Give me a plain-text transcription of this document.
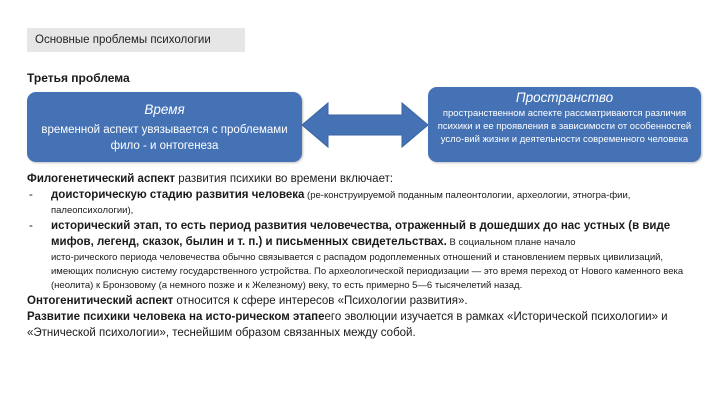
Основные проблемы психологии
Третья проблема
Время
временной аспект увязывается с проблемами фило - и онтогенеза
Пространство
пространственном аспекте рассматриваются различия психики и ее проявления в зависимости от особенностей усло-вий жизни и деятельности современного человека

Филогенетический аспект развития психики во времени включает:

- доисторическую стадию развития человека (ре-конструируемой поданным палеонтологии, археологии, этногра-фии,

палеопсихологии),

- исторический этап, то есть период развития человечества, отраженный в дошедших до нас устных (в виде мифов, легенд, сказок, былин и т. п.) и письменных свидетельствах. В социальном плане начало

исто-рического периода человечества обычно связывается с распадом родоплеменных отношений и становлением первых цивилизаций, имеющих полисную систему государственного устройства. По археологической периодизации — это время переход от Нового каменного века (неолита) к Бронзовому (а немного позже и к Железному) веку, то есть примерно 5—6 тысячелетий назад.

Онтогенитический аспект относится к сфере интересов «Психологии развития».

Развитие психики человека на исто-рическом этапеего эволюции изучается в рамках «Исторической психологии» и «Этнической психологии», теснейшим образом связанных между собой.
